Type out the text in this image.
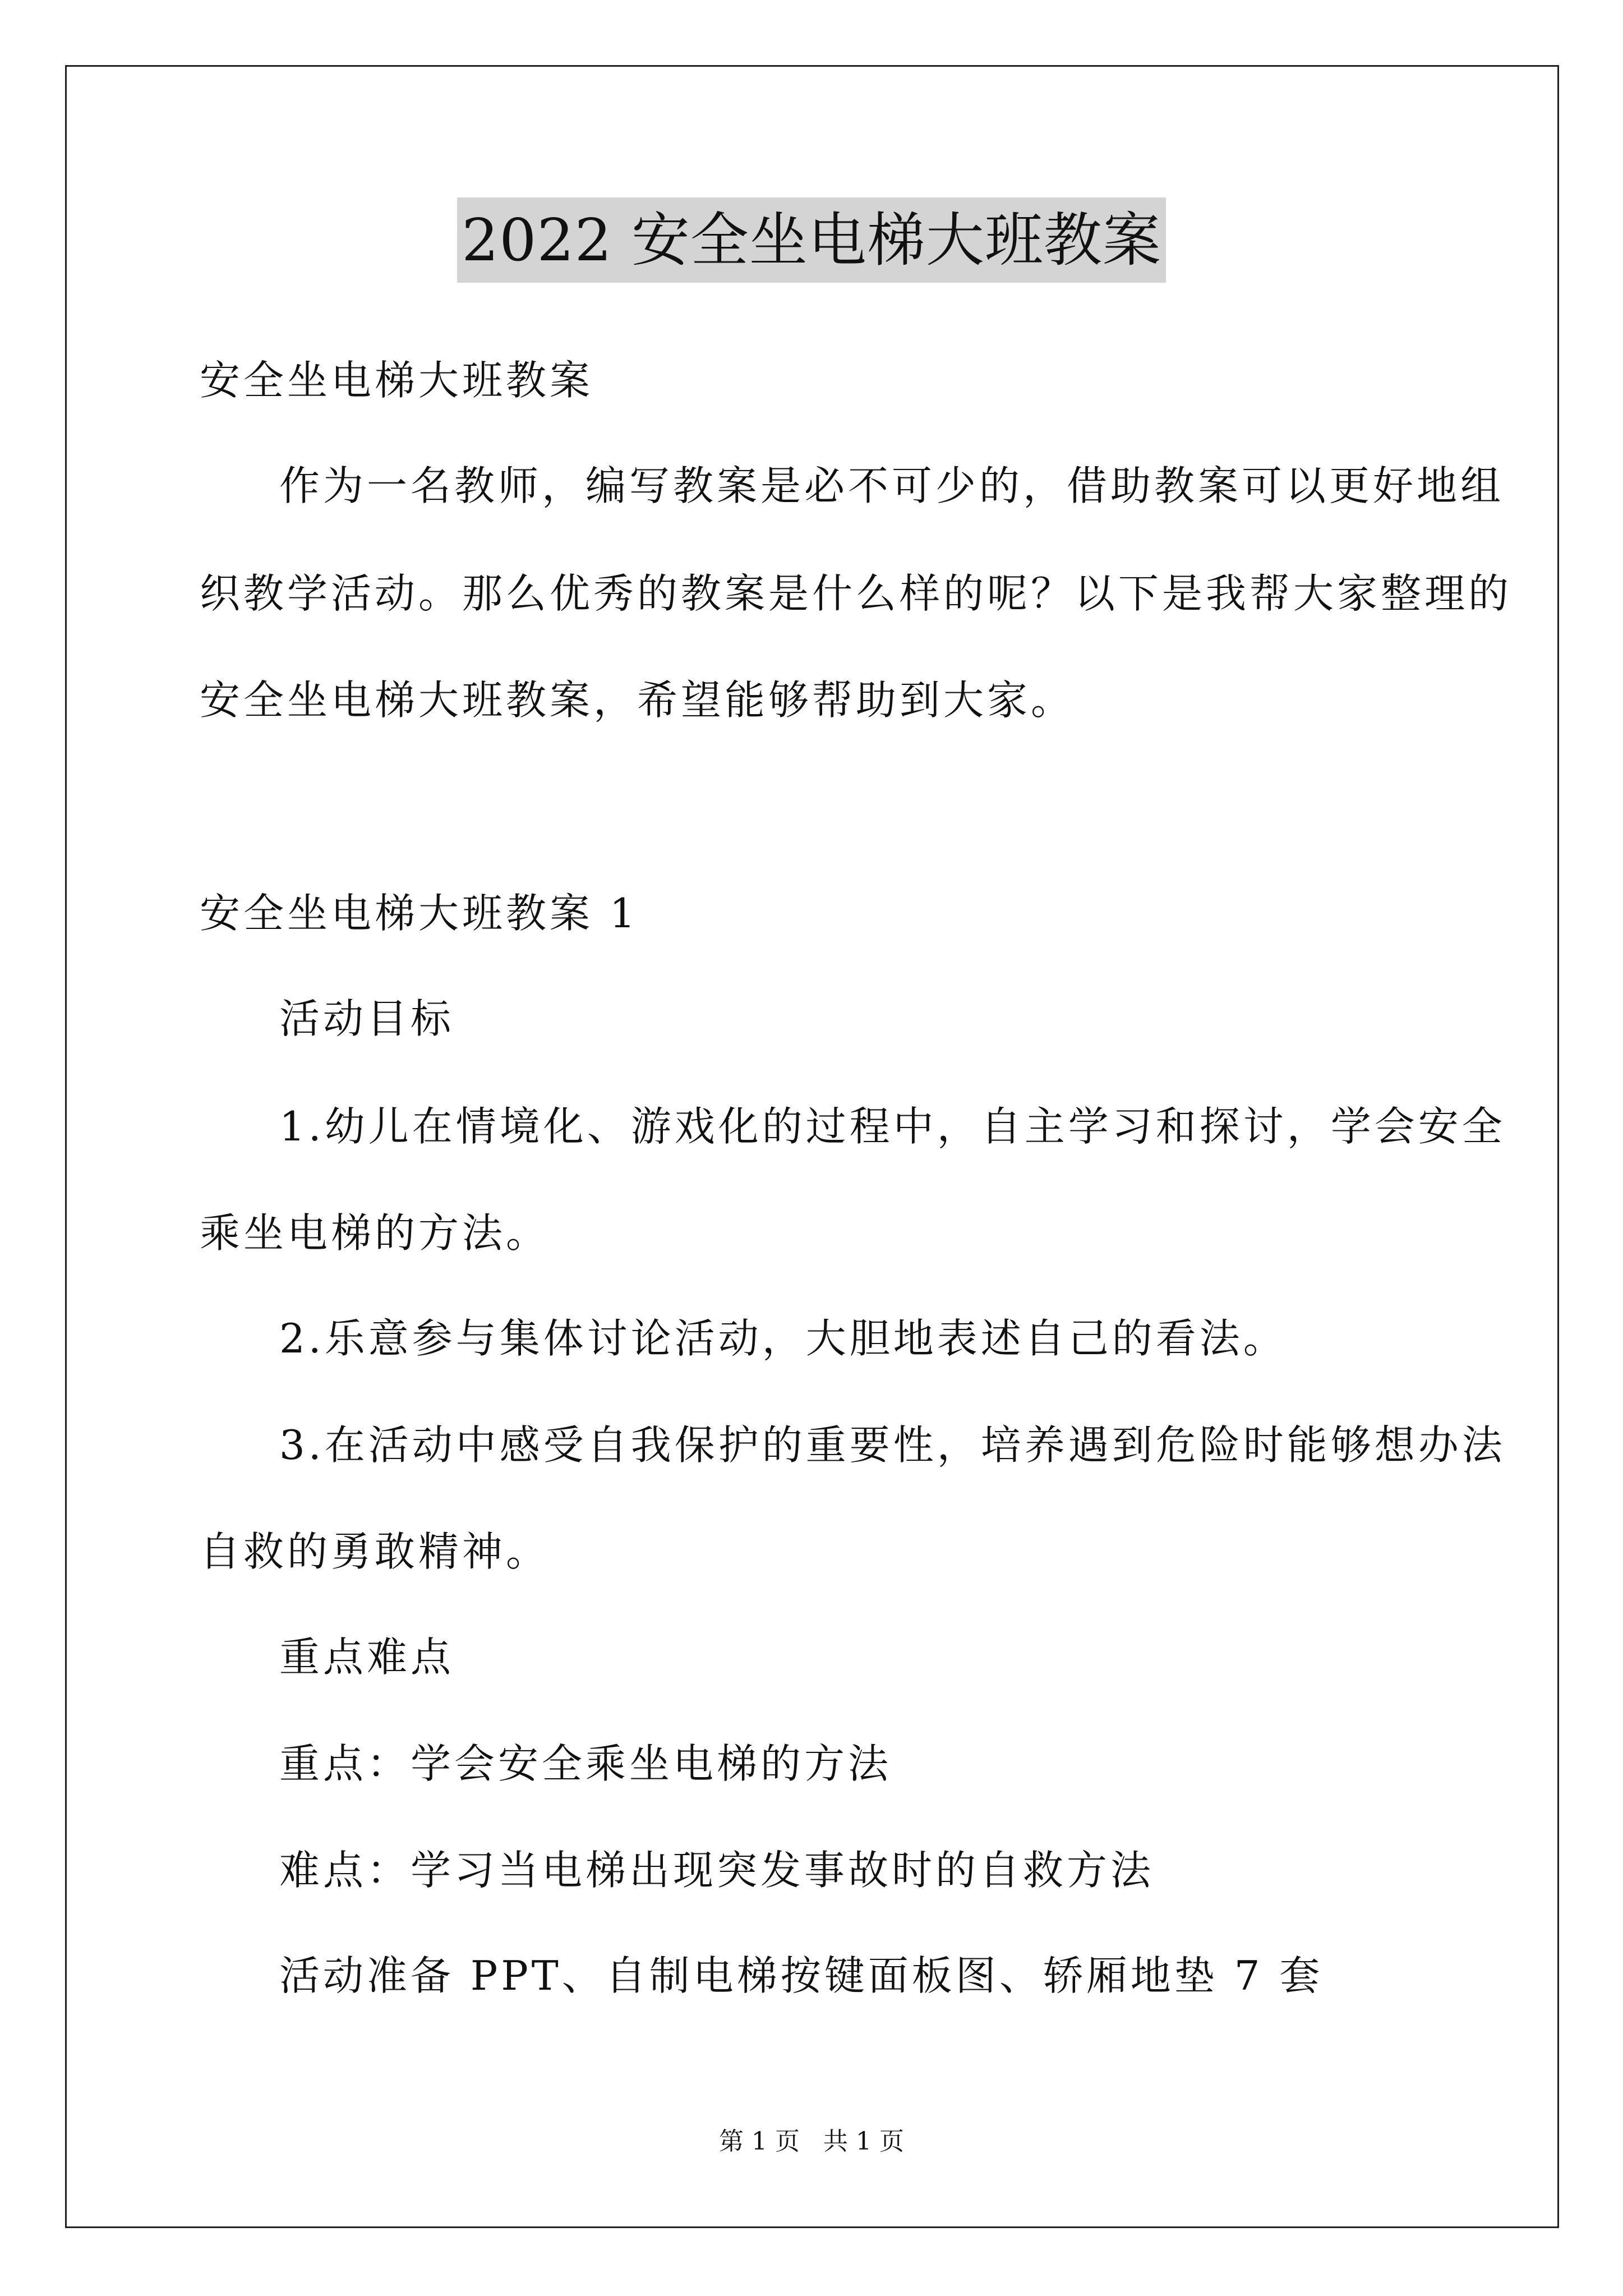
2022 安全坐电梯大班教案
安全坐电梯大班教案
作为一名教师，编写教案是必不可少的，借助教案可以更好地组
织教学活动。那么优秀的教案是什么样的呢？以下是我帮大家整理的
安全坐电梯大班教案，希望能够帮助到大家。
安全坐电梯大班教案 1
活动目标
1.幼儿在情境化、游戏化的过程中，自主学习和探讨，学会安全
乘坐电梯的方法。
2.乐意参与集体讨论活动，大胆地表述自己的看法。
3.在活动中感受自我保护的重要性，培养遇到危险时能够想办法
自救的勇敢精神。
重点难点
重点：学会安全乘坐电梯的方法
难点：学习当电梯出现突发事故时的自救方法
活动准备 PPT、自制电梯按键面板图、轿厢地垫 7 套
第 1 页   共 1 页
